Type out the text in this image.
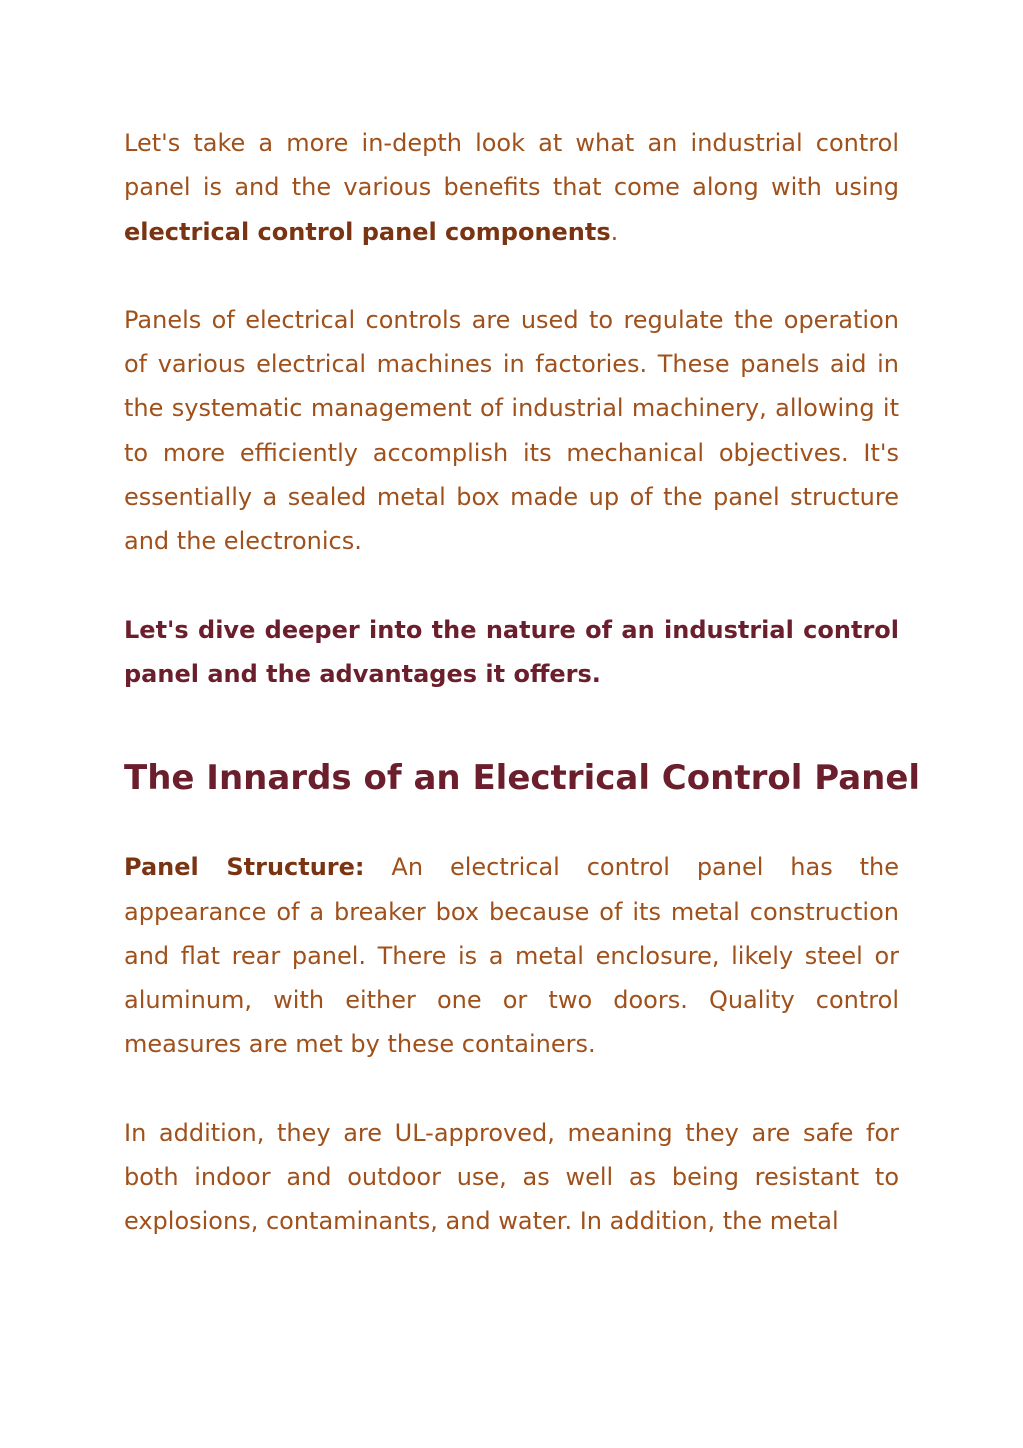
Let's take a more in-depth look at what an industrial control panel is and the various benefits that come along with using electrical control panel components.

Panels of electrical controls are used to regulate the operation of various electrical machines in factories. These panels aid in the systematic management of industrial machinery, allowing it to more efficiently accomplish its mechanical objectives. It's essentially a sealed metal box made up of the panel structure and the electronics.

Let's dive deeper into the nature of an industrial control panel and the advantages it offers.

The Innards of an Electrical Control Panel

Panel Structure: An electrical control panel has the appearance of a breaker box because of its metal construction and flat rear panel. There is a metal enclosure, likely steel or aluminum, with either one or two doors. Quality control measures are met by these containers.

In addition, they are UL-approved, meaning they are safe for both indoor and outdoor use, as well as being resistant to explosions, contaminants, and water. In addition, the metal
